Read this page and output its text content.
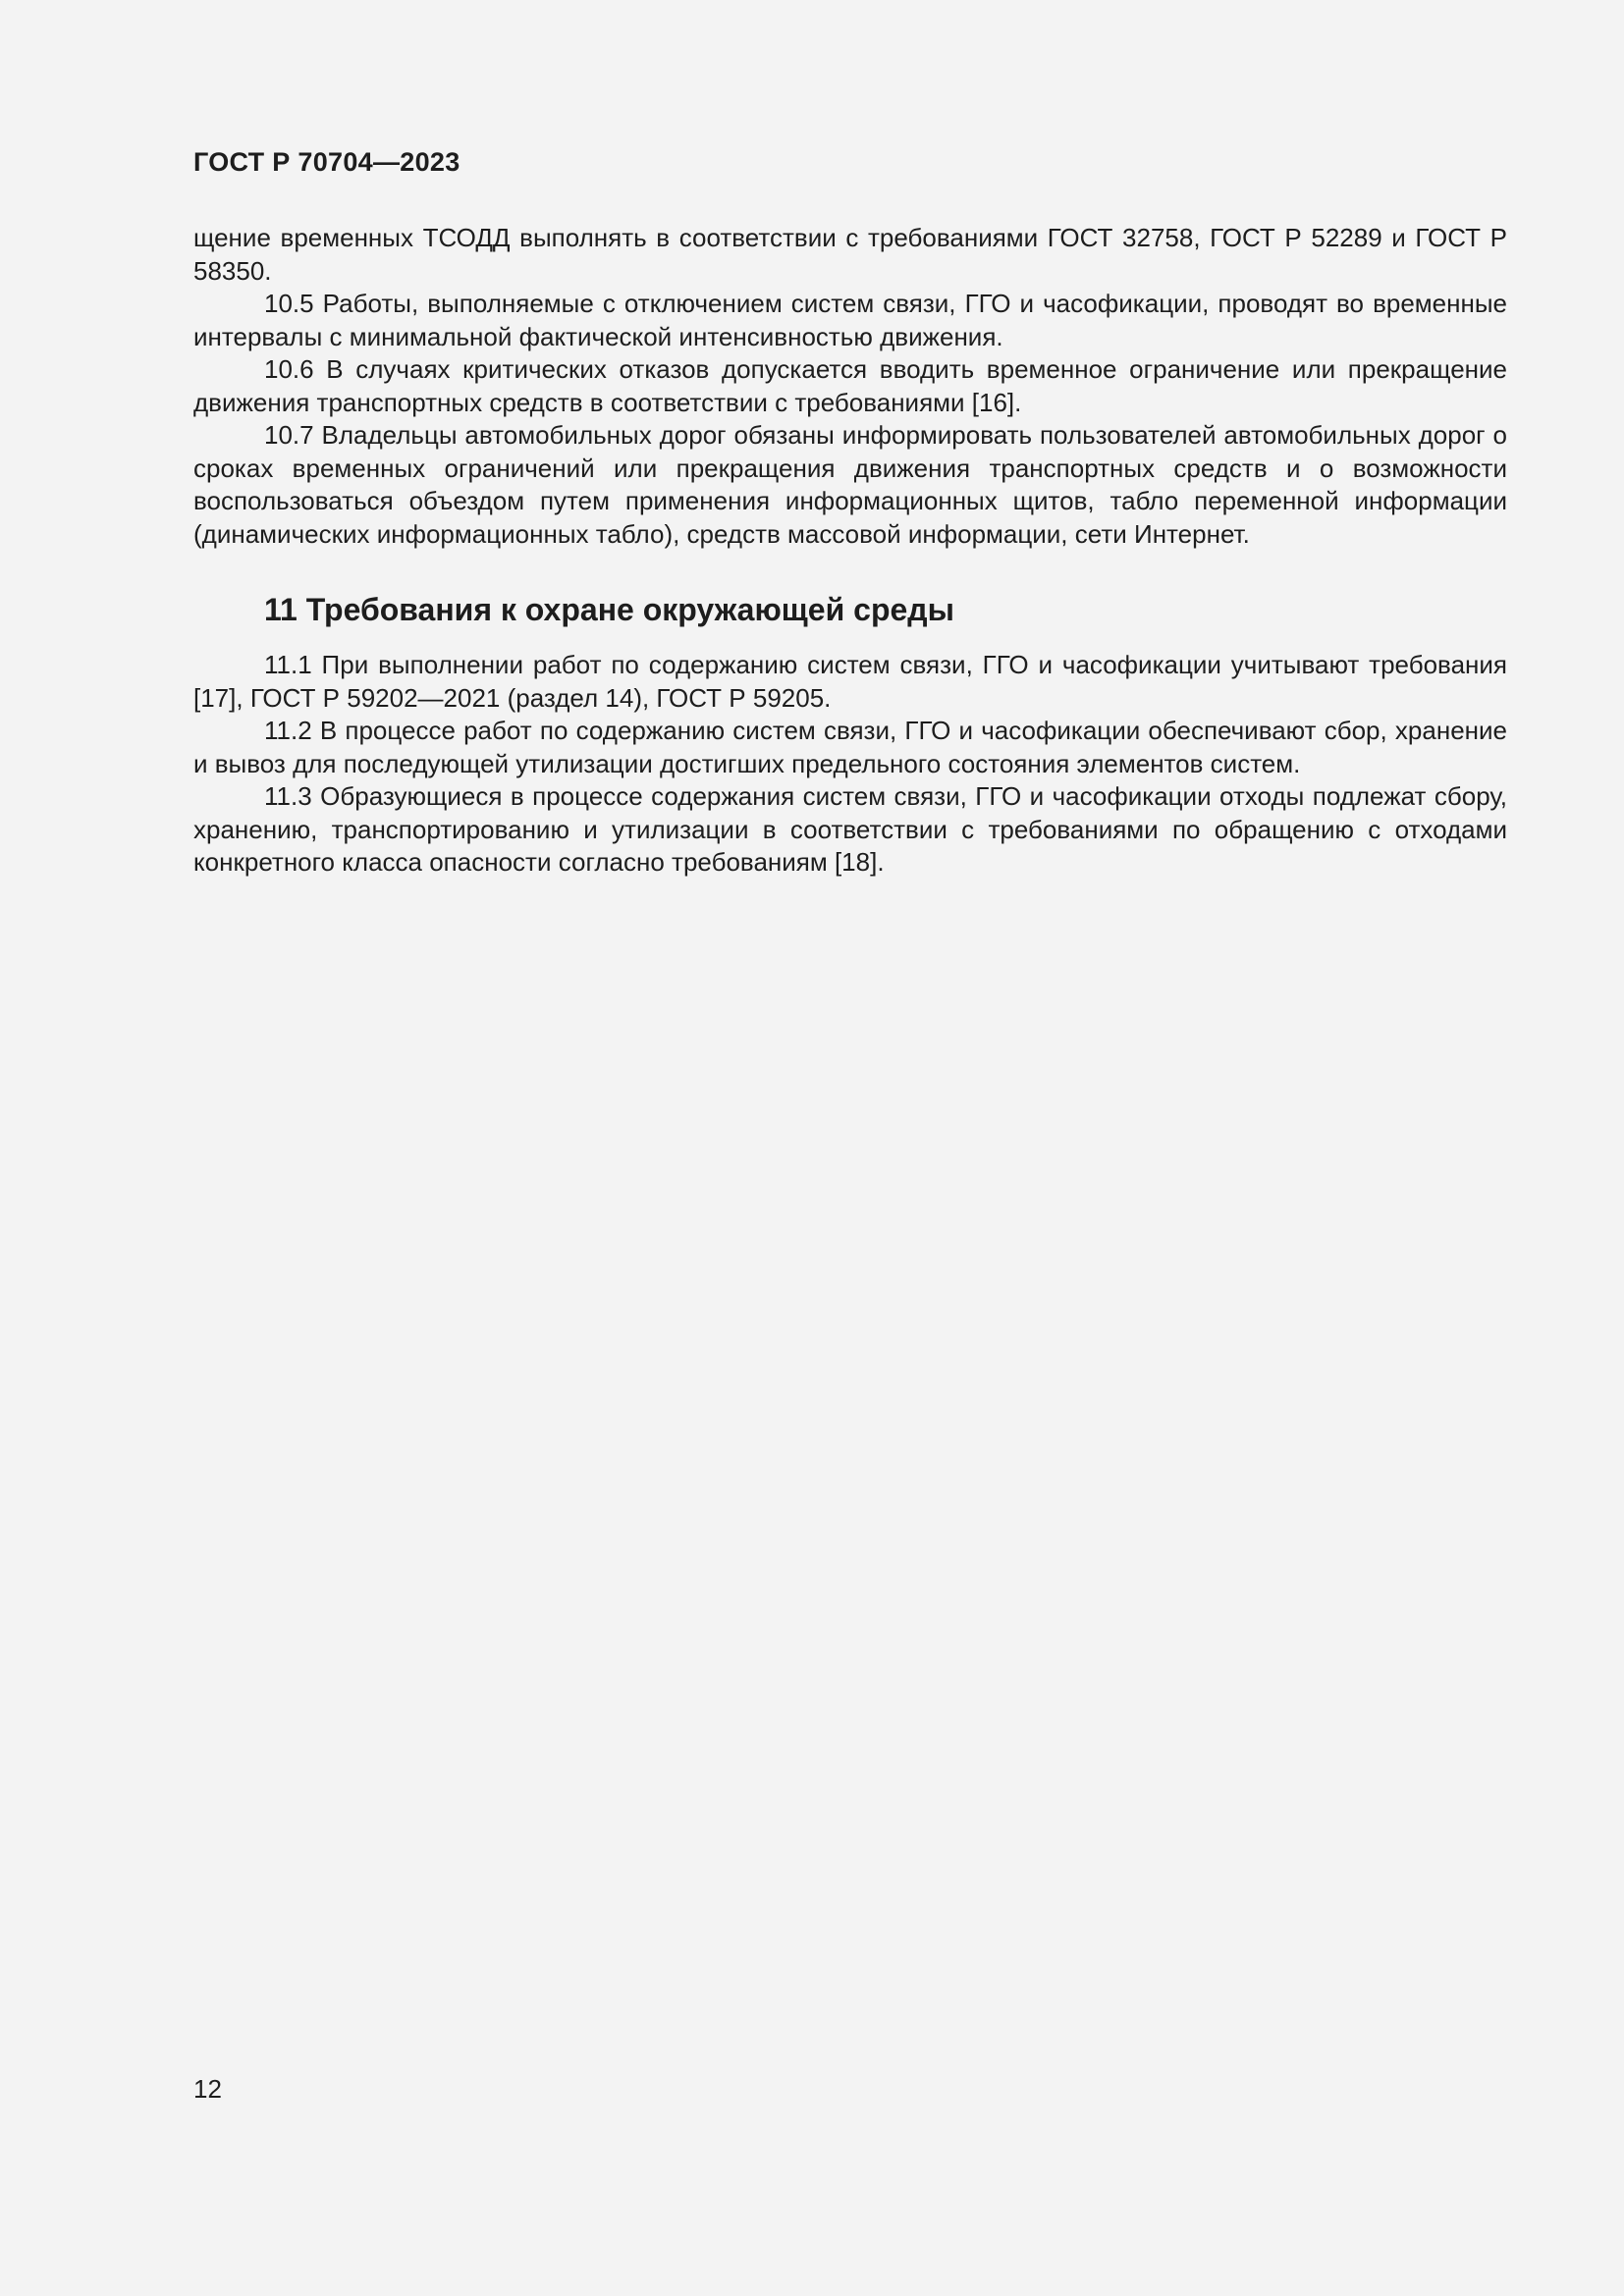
ГОСТ Р 70704—2023

щение временных ТСОДД выполнять в соответствии с требованиями ГОСТ 32758, ГОСТ Р 52289 и ГОСТ Р 58350.

10.5 Работы, выполняемые с отключением систем связи, ГГО и часофикации, проводят во временные интервалы с минимальной фактической интенсивностью движения.

10.6 В случаях критических отказов допускается вводить временное ограничение или прекращение движения транспортных средств в соответствии с требованиями [16].

10.7 Владельцы автомобильных дорог обязаны информировать пользователей автомобильных дорог о сроках временных ограничений или прекращения движения транспортных средств и о возможности воспользоваться объездом путем применения информационных щитов, табло переменной информации (динамических информационных табло), средств массовой информации, сети Интернет.

11 Требования к охране окружающей среды

11.1 При выполнении работ по содержанию систем связи, ГГО и часофикации учитывают требования [17], ГОСТ Р 59202—2021 (раздел 14), ГОСТ Р 59205.

11.2 В процессе работ по содержанию систем связи, ГГО и часофикации обеспечивают сбор, хранение и вывоз для последующей утилизации достигших предельного состояния элементов систем.

11.3 Образующиеся в процессе содержания систем связи, ГГО и часофикации отходы подлежат сбору, хранению, транспортированию и утилизации в соответствии с требованиями по обращению с отходами конкретного класса опасности согласно требованиям [18].

12
